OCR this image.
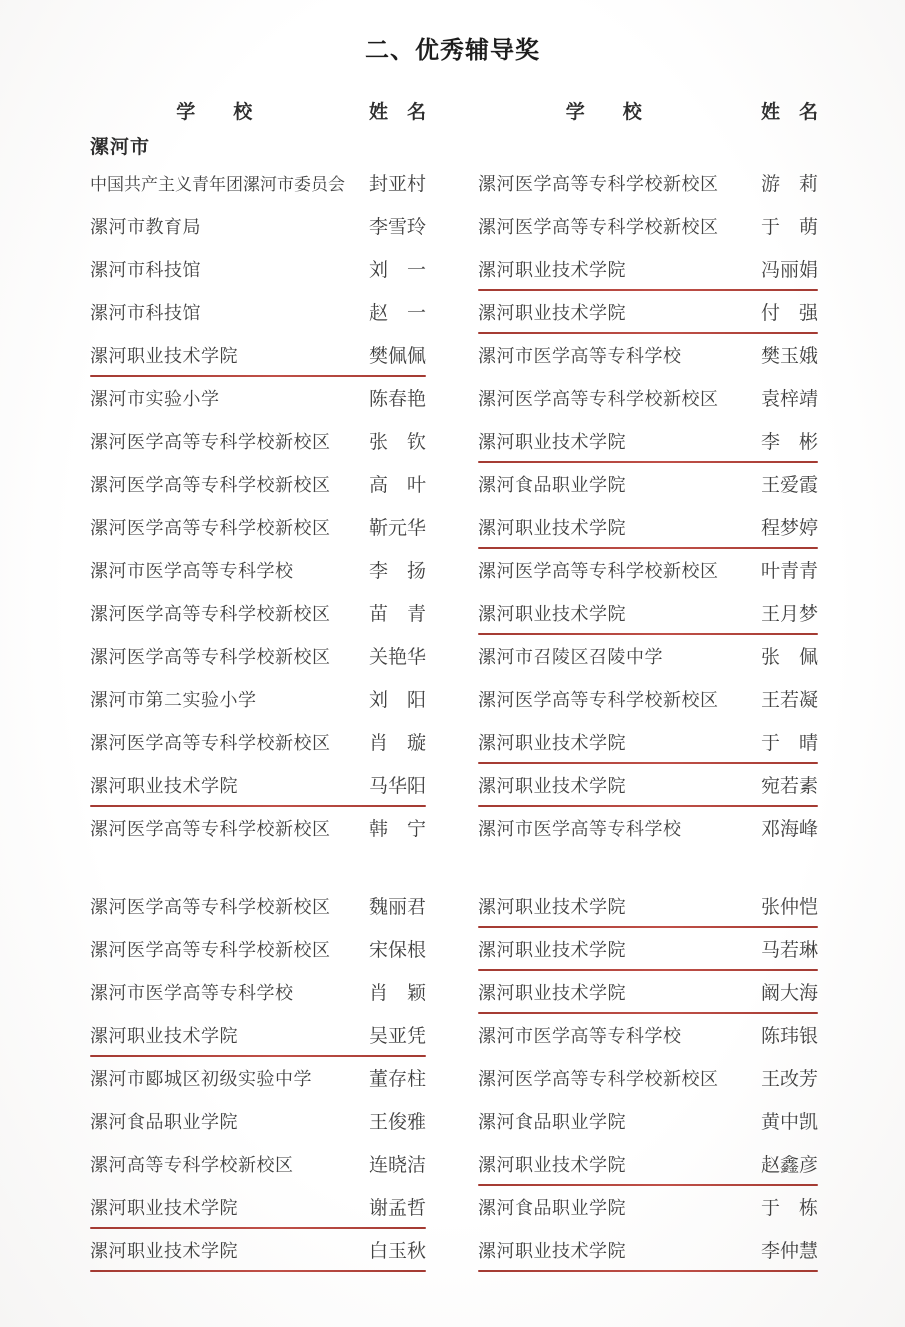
二、优秀辅导奖
学　　校	姓　名
漯河市
中国共产主义青年团漯河市委员会 封亚村
漯河市教育局	李雪玲
漯河市科技馆	刘　一
漯河市科技馆	赵　一
漯河职业技术学院	樊佩佩
漯河市实验小学	陈春艳
漯河医学高等专科学校新校区 张　钦
漯河医学高等专科学校新校区 高　叶
漯河医学高等专科学校新校区 靳元华
漯河市医学高等专科学校	李　扬
漯河医学高等专科学校新校区 苗　青
漯河医学高等专科学校新校区 关艳华
漯河市第二实验小学	刘　阳
漯河医学高等专科学校新校区 肖　璇
漯河职业技术学院	马华阳
漯河医学高等专科学校新校区 韩　宁
漯河医学高等专科学校新校区 魏丽君
漯河医学高等专科学校新校区 宋保根
漯河市医学高等专科学校	肖　颖
漯河职业技术学院	吴亚凭
漯河市郾城区初级实验中学	董存柱
漯河食品职业学院	王俊雅
漯河高等专科学校新校区	连晓洁
漯河职业技术学院	谢孟哲
漯河职业技术学院	白玉秋
学　　校	姓　名
漯河医学高等专科学校新校区 游　莉
漯河医学高等专科学校新校区 于　萌
漯河职业技术学院	冯丽娟
漯河职业技术学院	付　强
漯河市医学高等专科学校	樊玉娥
漯河医学高等专科学校新校区 袁梓靖
漯河职业技术学院	李　彬
漯河食品职业学院	王爱霞
漯河职业技术学院	程梦婷
漯河医学高等专科学校新校区 叶青青
漯河职业技术学院	王月梦
漯河市召陵区召陵中学	张　佩
漯河医学高等专科学校新校区 王若凝
漯河职业技术学院	于　晴
漯河职业技术学院	宛若素
漯河市医学高等专科学校	邓海峰
漯河职业技术学院	张仲恺
漯河职业技术学院	马若琳
漯河职业技术学院	阚大海
漯河市医学高等专科学校	陈玮银
漯河医学高等专科学校新校区 王改芳
漯河食品职业学院	黄中凯
漯河职业技术学院	赵鑫彦
漯河食品职业学院	于　栋
漯河职业技术学院	李仲慧
